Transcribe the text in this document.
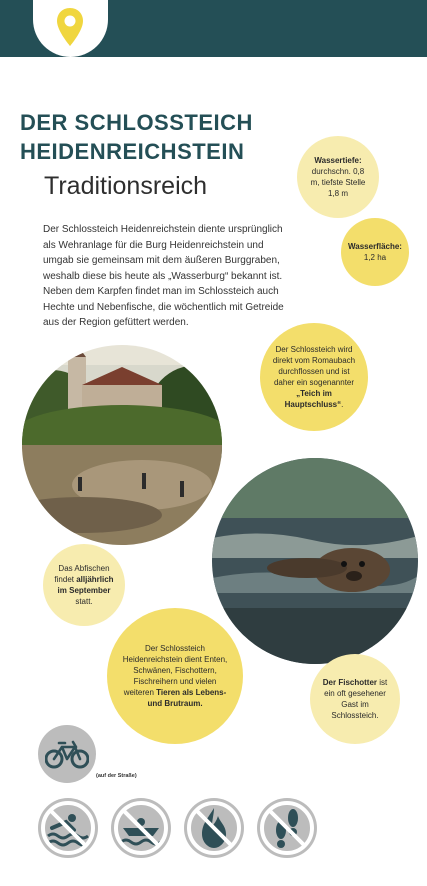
DER SCHLOSSTEICH
HEIDENREICHSTEIN
Traditionsreich

Der Schlossteich Heidenreichstein diente ursprünglich als Wehranlage für die Burg Heidenreichstein und umgab sie gemeinsam mit dem äußeren Burggraben, weshalb diese bis heute als „Wasserburg“ bekannt ist. Neben dem Karpfen findet man im Schlossteich auch Hechte und Nebenfische, die wöchentlich mit Getreide aus der Region gefüttert werden.

Wassertiefe:
durchschn. 0,8 m, tiefste Stelle 1,8 m
Wasserfläche:
1,2 ha
Der Schlossteich wird direkt vom Romaubach durchflossen und ist daher ein sogenannter „Teich im Hauptschluss“.
Das Abfischen findet alljährlich im September statt.
Der Schlossteich Heidenreichstein dient Enten, Schwänen, Fischottern, Fischreihern und vielen weiteren Tieren als Lebens- und Brutraum.
Der Fischotter ist ein oft gesehener Gast im Schlossteich.
(auf der Straße)
